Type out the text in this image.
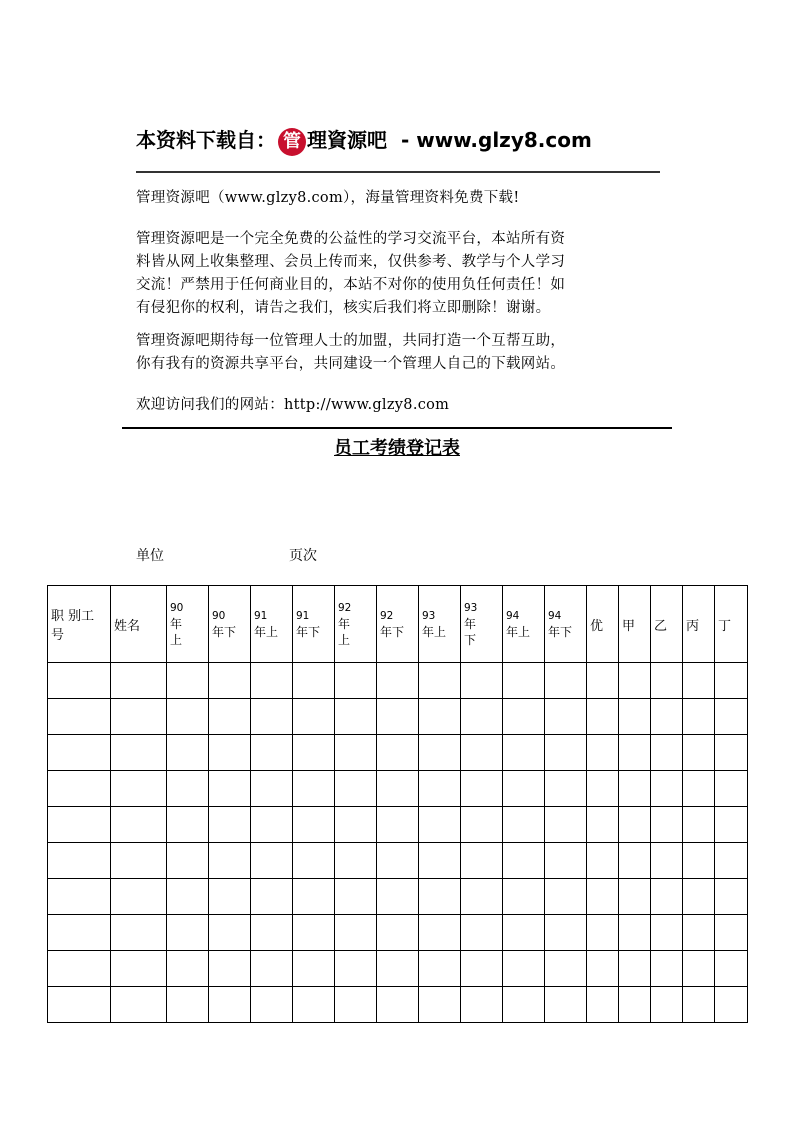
本资料下载自： 管 理資源吧 - www.glzy8.com
管理资源吧（www.glzy8.com），海量管理资料免费下载!
管理资源吧是一个完全免费的公益性的学习交流平台，本站所有资
料皆从网上收集整理、会员上传而来，仅供参考、教学与个人学习
交流！严禁用于任何商业目的，本站不对你的使用负任何责任！如
有侵犯你的权利，请告之我们，核实后我们将立即删除！谢谢。
管理资源吧期待每一位管理人士的加盟，共同打造一个互帮互助，
你有我有的资源共享平台，共同建设一个管理人自己的下载网站。
欢迎访问我们的网站：http://www.glzy8.com
员工考绩登记表
单位	页次
职 别工
号	姓名	90
年
上	90
年下	91
年上	91
年下	92
年
上	92
年下	93
年上	93
年
下	94
年上	94
年下	优	甲	乙	丙	丁
